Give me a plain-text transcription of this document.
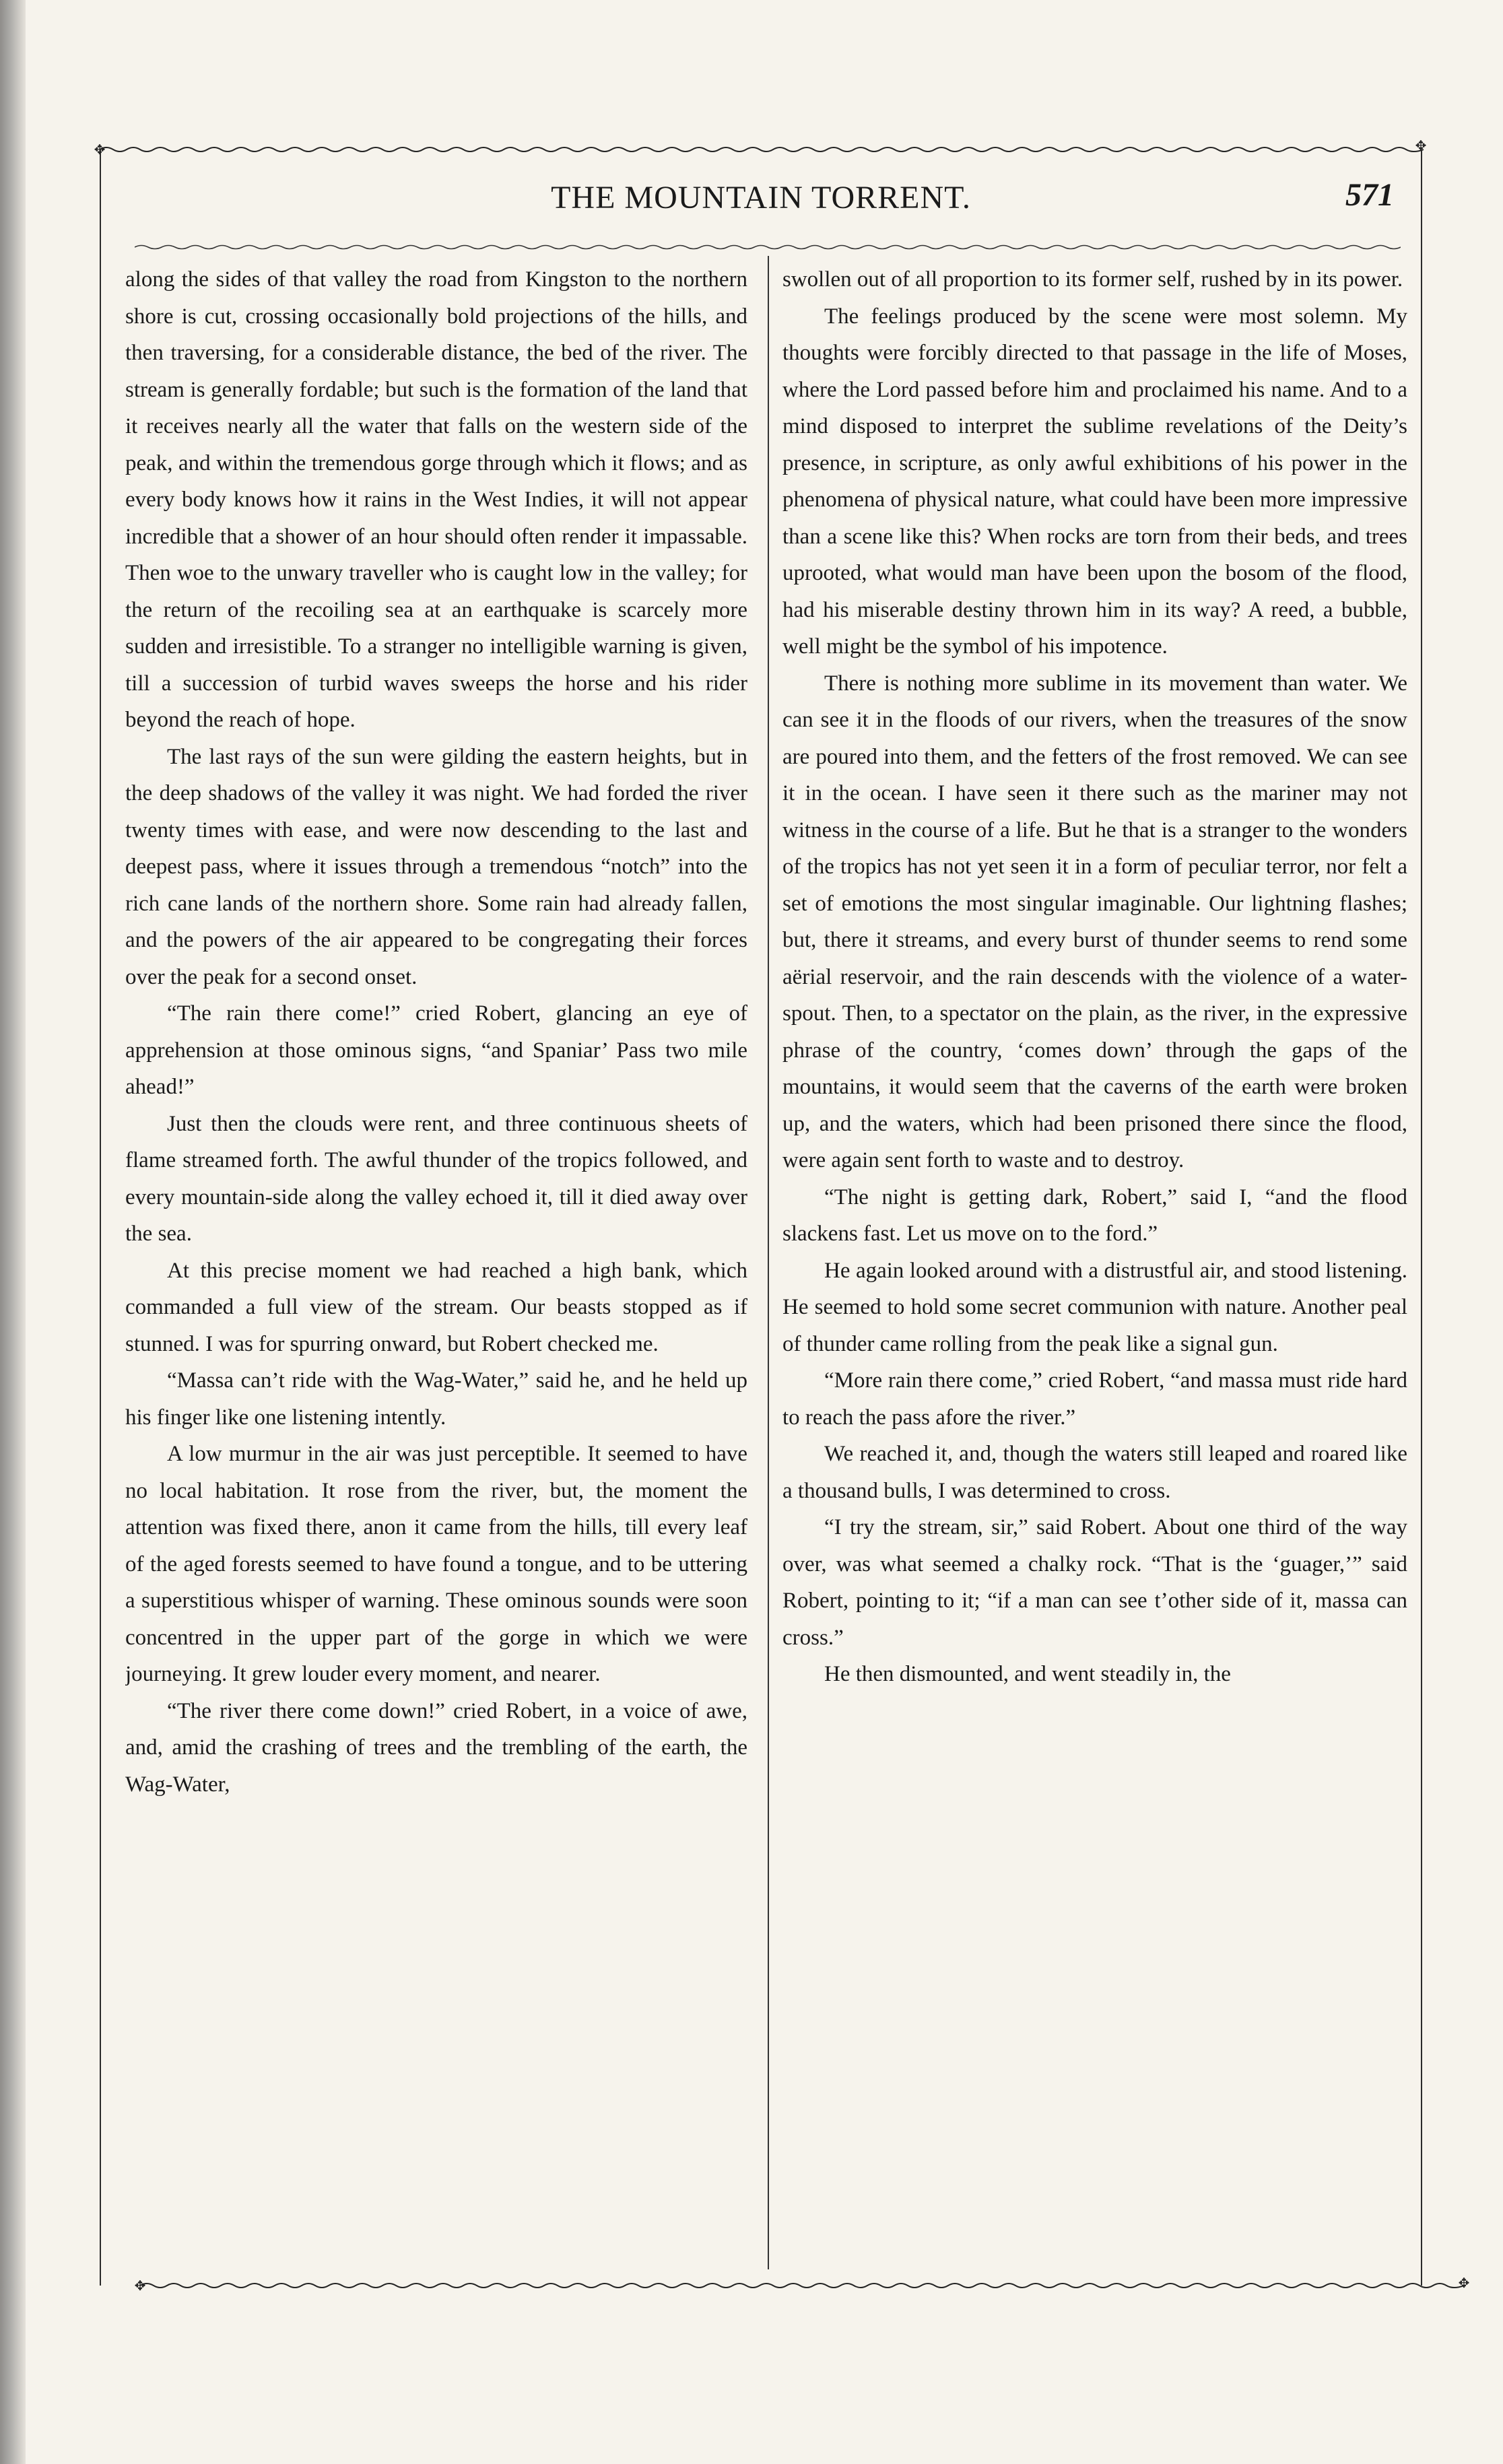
✥	✥
✥	✥
THE MOUNTAIN TORRENT.	571

along the sides of that valley the road from Kingston to the northern shore is cut, crossing occasionally bold projections of the hills, and then traversing, for a considerable distance, the bed of the river. The stream is generally fordable; but such is the formation of the land that it receives nearly all the water that falls on the western side of the peak, and within the tremendous gorge through which it flows; and as every body knows how it rains in the West Indies, it will not appear incredible that a shower of an hour should often render it impassable. Then woe to the unwary traveller who is caught low in the valley; for the return of the recoiling sea at an earthquake is scarcely more sudden and irresistible. To a stranger no intelligible warning is given, till a succession of turbid waves sweeps the horse and his rider beyond the reach of hope.

The last rays of the sun were gilding the eastern heights, but in the deep shadows of the valley it was night. We had forded the river twenty times with ease, and were now descending to the last and deepest pass, where it issues through a tremendous “notch” into the rich cane lands of the northern shore. Some rain had already fallen, and the powers of the air appeared to be congregating their forces over the peak for a second onset.

“The rain there come!” cried Robert, glancing an eye of apprehension at those ominous signs, “and Spaniar’ Pass two mile ahead!”

Just then the clouds were rent, and three continuous sheets of flame streamed forth. The awful thunder of the tropics followed, and every mountain-side along the valley echoed it, till it died away over the sea.

At this precise moment we had reached a high bank, which commanded a full view of the stream. Our beasts stopped as if stunned. I was for spurring onward, but Robert checked me.

“Massa can’t ride with the Wag-Water,” said he, and he held up his finger like one listening intently.

A low murmur in the air was just perceptible. It seemed to have no local habitation. It rose from the river, but, the moment the attention was fixed there, anon it came from the hills, till every leaf of the aged forests seemed to have found a tongue, and to be uttering a superstitious whisper of warning. These ominous sounds were soon concentred in the upper part of the gorge in which we were journeying. It grew louder every moment, and nearer.

“The river there come down!” cried Robert, in a voice of awe, and, amid the crashing of trees and the trembling of the earth, the Wag-Water,

swollen out of all proportion to its former self, rushed by in its power.

The feelings produced by the scene were most solemn. My thoughts were forcibly directed to that passage in the life of Moses, where the Lord passed before him and proclaimed his name. And to a mind disposed to interpret the sublime revelations of the Deity’s presence, in scripture, as only awful exhibitions of his power in the phenomena of physical nature, what could have been more impressive than a scene like this? When rocks are torn from their beds, and trees uprooted, what would man have been upon the bosom of the flood, had his miserable destiny thrown him in its way? A reed, a bubble, well might be the symbol of his impotence.

There is nothing more sublime in its movement than water. We can see it in the floods of our rivers, when the treasures of the snow are poured into them, and the fetters of the frost removed. We can see it in the ocean. I have seen it there such as the mariner may not witness in the course of a life. But he that is a stranger to the wonders of the tropics has not yet seen it in a form of peculiar terror, nor felt a set of emotions the most singular imaginable. Our lightning flashes; but, there it streams, and every burst of thunder seems to rend some aërial reservoir, and the rain descends with the violence of a water-spout. Then, to a spectator on the plain, as the river, in the expressive phrase of the country, ‘comes down’ through the gaps of the mountains, it would seem that the caverns of the earth were broken up, and the waters, which had been prisoned there since the flood, were again sent forth to waste and to destroy.

“The night is getting dark, Robert,” said I, “and the flood slackens fast. Let us move on to the ford.”

He again looked around with a distrustful air, and stood listening. He seemed to hold some secret communion with nature. Another peal of thunder came rolling from the peak like a signal gun.

“More rain there come,” cried Robert, “and massa must ride hard to reach the pass afore the river.”

We reached it, and, though the waters still leaped and roared like a thousand bulls, I was determined to cross.

“I try the stream, sir,” said Robert. About one third of the way over, was what seemed a chalky rock. “That is the ‘guager,’” said Robert, pointing to it; “if a man can see t’other side of it, massa can cross.”

He then dismounted, and went steadily in, the
